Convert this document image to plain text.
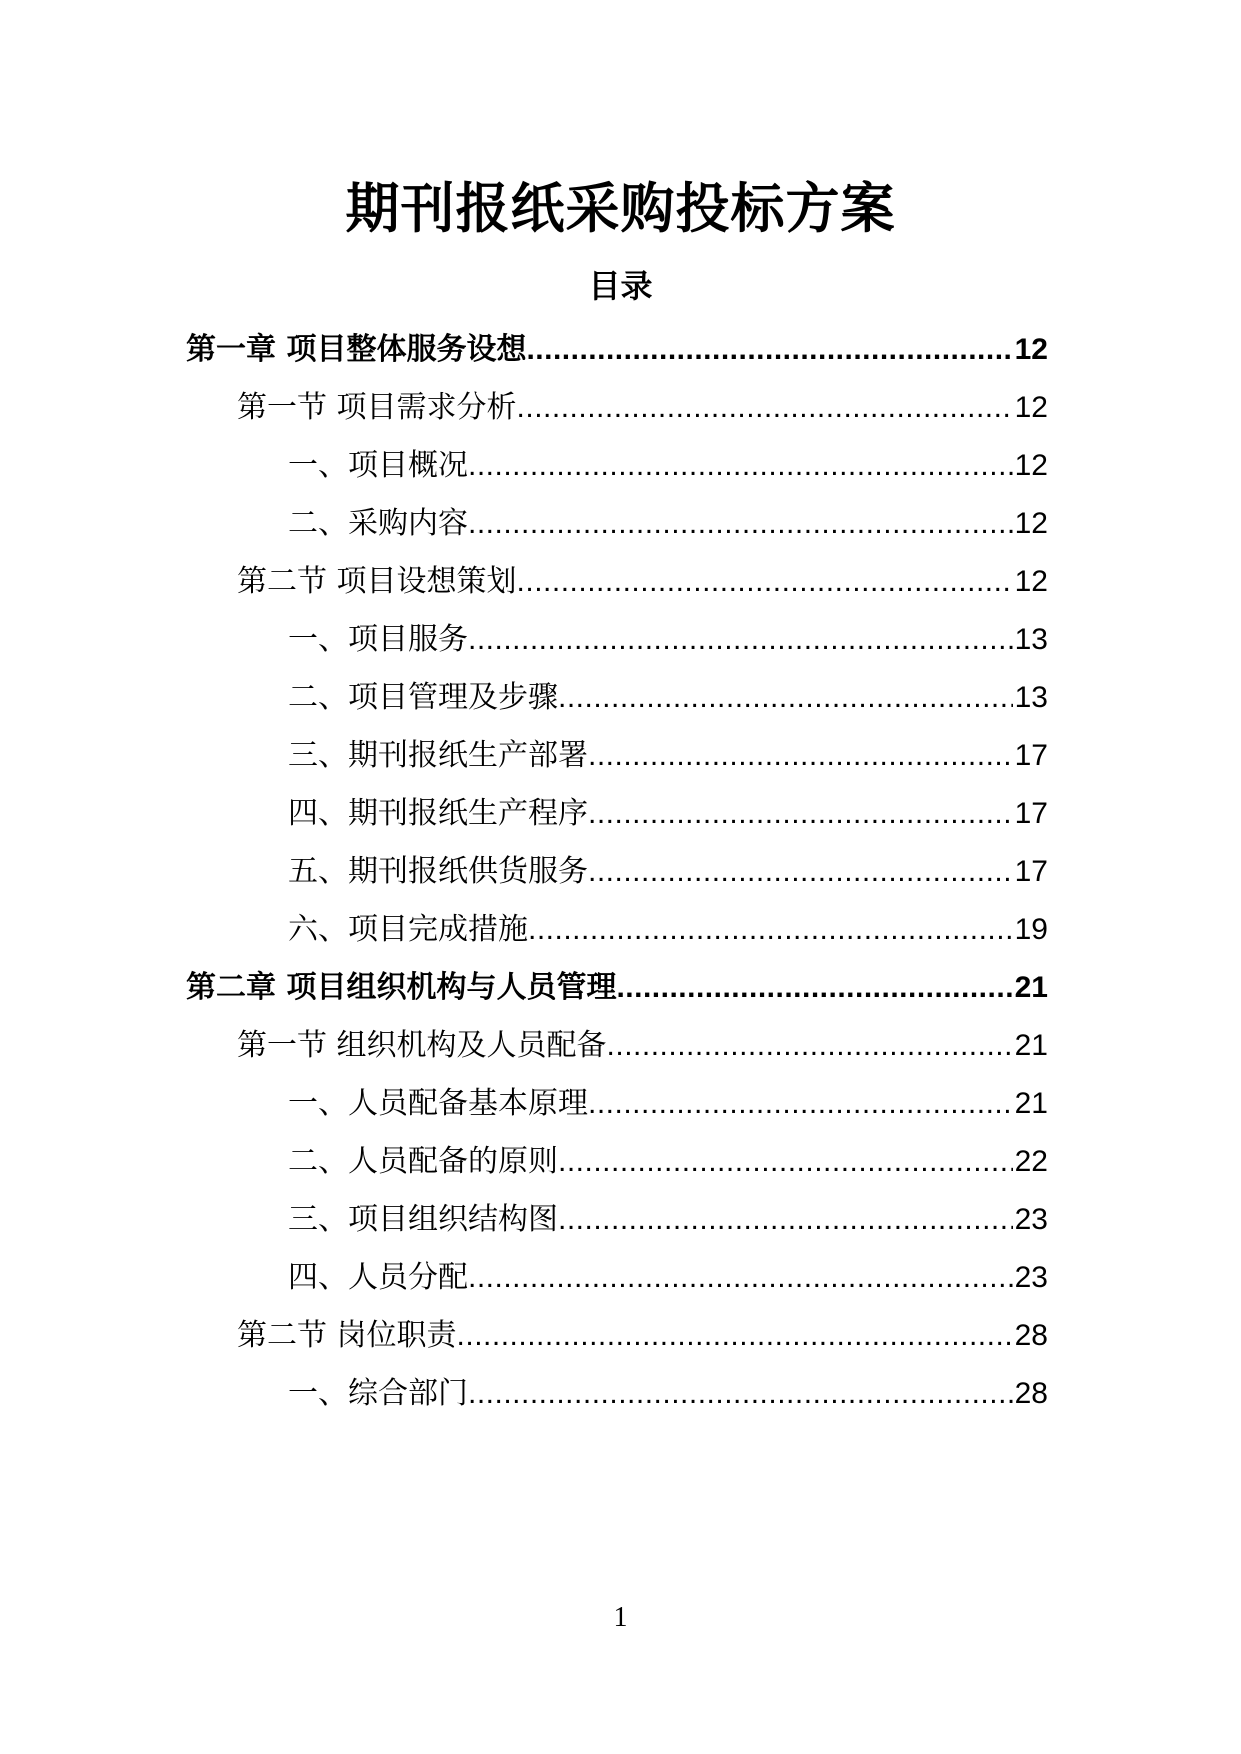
期刊报纸采购投标方案
目录
第一章 项目整体服务设想 .....	12
第一节 项目需求分析 .....	12
一、项目概况 .....	12
二、采购内容 .....	12
第二节 项目设想策划 .....	12
一、项目服务 .....	13
二、项目管理及步骤 .....	13
三、期刊报纸生产部署 .....	17
四、期刊报纸生产程序 .....	17
五、期刊报纸供货服务 .....	17
六、项目完成措施 .....	19
第二章 项目组织机构与人员管理 .....	21
第一节 组织机构及人员配备 .....	21
一、人员配备基本原理 .....	21
二、人员配备的原则 .....	22
三、项目组织结构图 .....	23
四、人员分配 .....	23
第二节 岗位职责 .....	28
一、综合部门 .....	28

1
